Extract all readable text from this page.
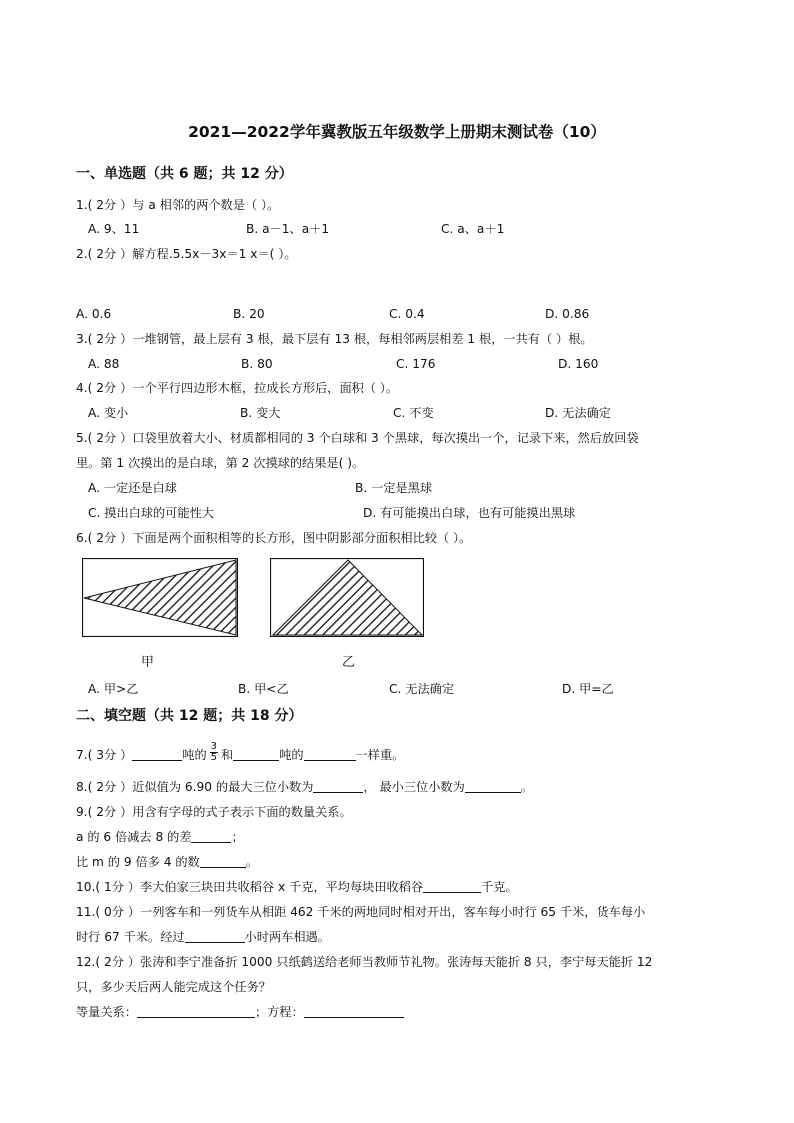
2021—2022学年冀教版五年级数学上册期末测试卷（10）
一、单选题（共 6 题；共 12 分）
1.( 2分 ）与 a 相邻的两个数是（ ）。
A. 9、11	B. a－1、a＋1	C. a、a＋1
2.( 2分 ）解方程.5.5x－3x＝1 x＝( ）。
A. 0.6	B. 20	C. 0.4	D. 0.86
3.( 2分 ）一堆钢管，最上层有 3 根，最下层有 13 根，每相邻两层相差 1 根，一共有（ ）根。
A. 88	B. 80	C. 176	D. 160
4.( 2分 ）一个平行四边形木框，拉成长方形后，面积（ ）。
A. 变小	B. 变大	C. 不变	D. 无法确定
5.( 2分 ）口袋里放着大小、材质都相同的 3 个白球和 3 个黑球，每次摸出一个，记录下来，然后放回袋
里。第 1 次摸出的是白球，第 2 次摸球的结果是( )。
A. 一定还是白球	B. 一定是黑球
C. 摸出白球的可能性大	D. 有可能摸出白球，也有可能摸出黑球
6.( 2分 ）下面是两个面积相等的长方形，图中阴影部分面积相比较（ ）。
甲	乙
A. 甲>乙	B. 甲<乙	C. 无法确定	D. 甲=乙
二、填空题（共 12 题；共 18 分）
7.( 3分 ）	吨的 $\frac{3}{5}$ 和	吨的	一样重。
8.( 2分 ）近似值为 6.90 的最大三位小数为	， 最小三位小数为	。
9.( 2分 ）用含有字母的式子表示下面的数量关系。
a 的 6 倍减去 8 的差	；
比 m 的 9 倍多 4 的数	。
10.( 1分 ）李大伯家三块田共收稻谷 x 千克，平均每块田收稻谷	千克。
11.( 0分 ）一列客车和一列货车从相距 462 千米的两地同时相对开出，客车每小时行 65 千米，货车每小
时行 67 千米。经过	小时两车相遇。
12.( 2分 ）张涛和李宁准备折 1000 只纸鹤送给老师当教师节礼物。张涛每天能折 8 只，李宁每天能折 12
只，多少天后两人能完成这个任务？
等量关系：	；方程：
